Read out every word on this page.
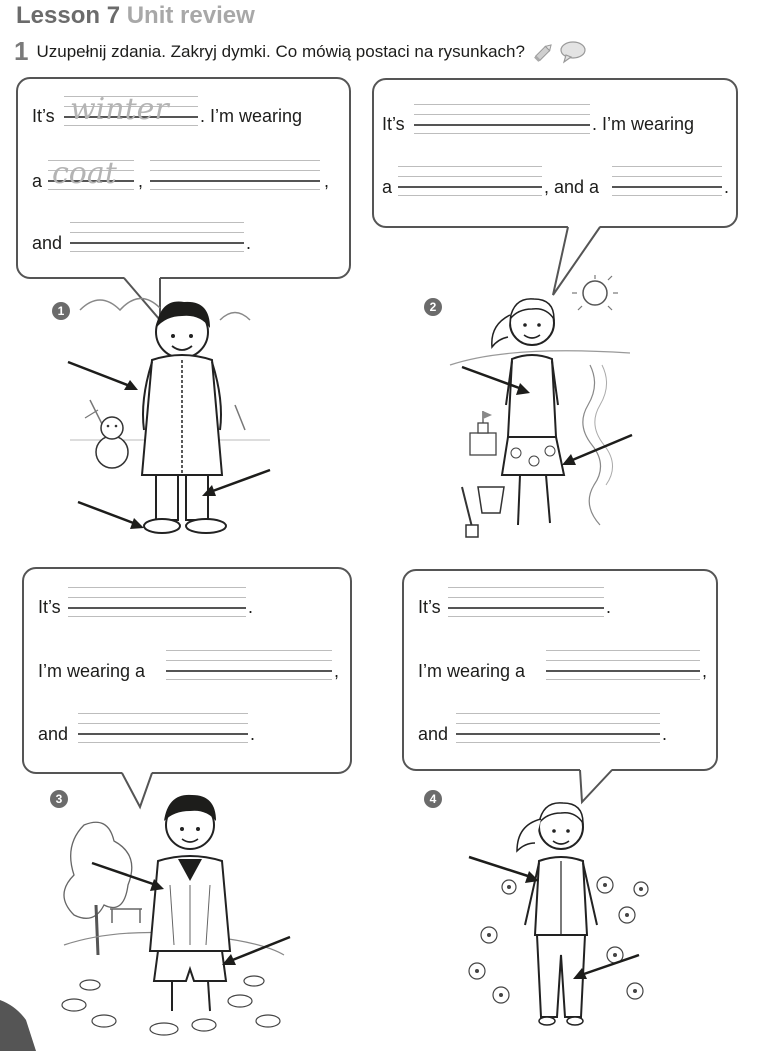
Lesson 7 Unit review
1 Uzupełnij zdania. Zakryj dymki. Co mówią postaci na rysunkach?
It’s winter . I’m wearing
a coat ,	,
and	.
1
It’s	. I’m wearing
a	, and a	.
2
It’s	.
I’m wearing a	,
and	.
3
It’s	.
I’m wearing a	,
and	.
4
